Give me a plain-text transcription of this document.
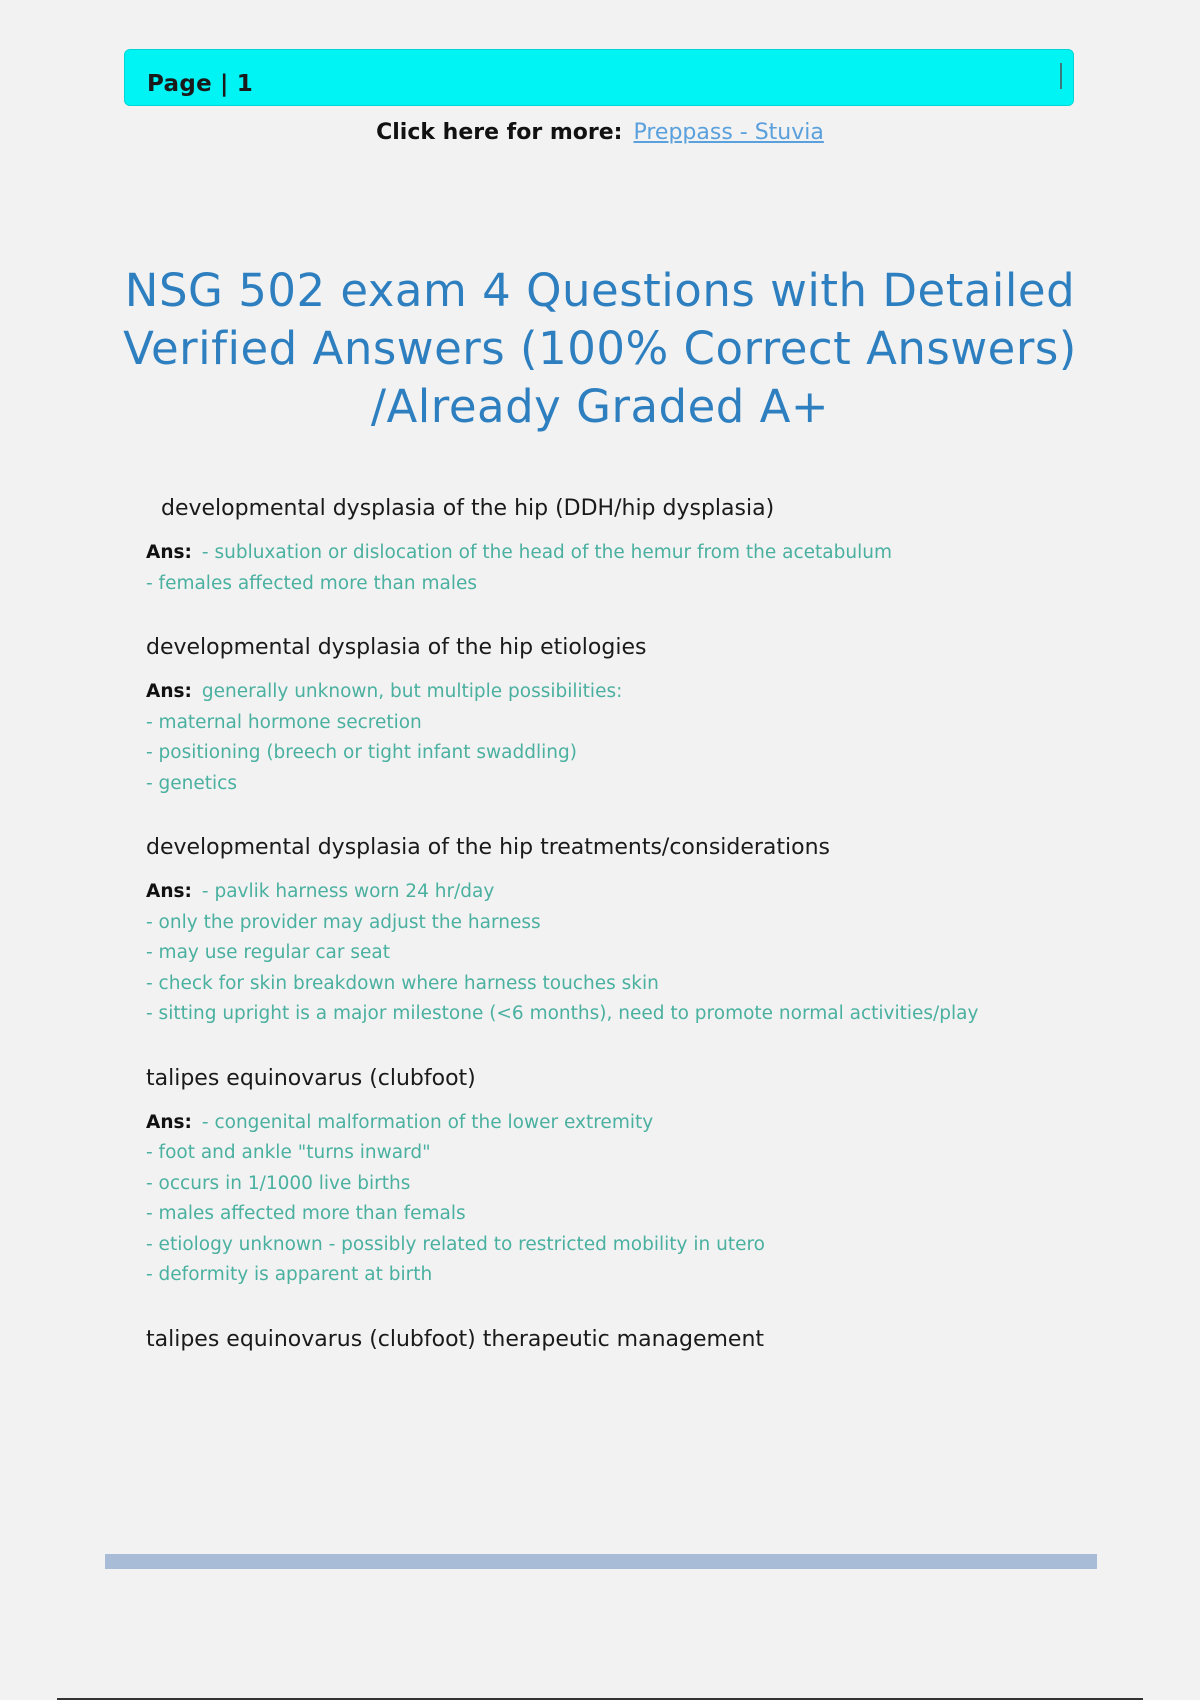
Page | 1
Click here for more: Preppass - Stuvia
NSG 502 exam 4 Questions with Detailed
Verified Answers (100% Correct Answers)
/Already Graded A+
developmental dysplasia of the hip (DDH/hip dysplasia)
Ans: - subluxation or dislocation of the head of the hemur from the acetabulum
- females affected more than males
developmental dysplasia of the hip etiologies
Ans: generally unknown, but multiple possibilities:
- maternal hormone secretion
- positioning (breech or tight infant swaddling)
- genetics
developmental dysplasia of the hip treatments/considerations
Ans: - pavlik harness worn 24 hr/day
- only the provider may adjust the harness
- may use regular car seat
- check for skin breakdown where harness touches skin
- sitting upright is a major milestone (<6 months), need to promote normal activities/play
talipes equinovarus (clubfoot)
Ans: - congenital malformation of the lower extremity
- foot and ankle "turns inward"
- occurs in 1/1000 live births
- males affected more than femals
- etiology unknown - possibly related to restricted mobility in utero
- deformity is apparent at birth
talipes equinovarus (clubfoot) therapeutic management
